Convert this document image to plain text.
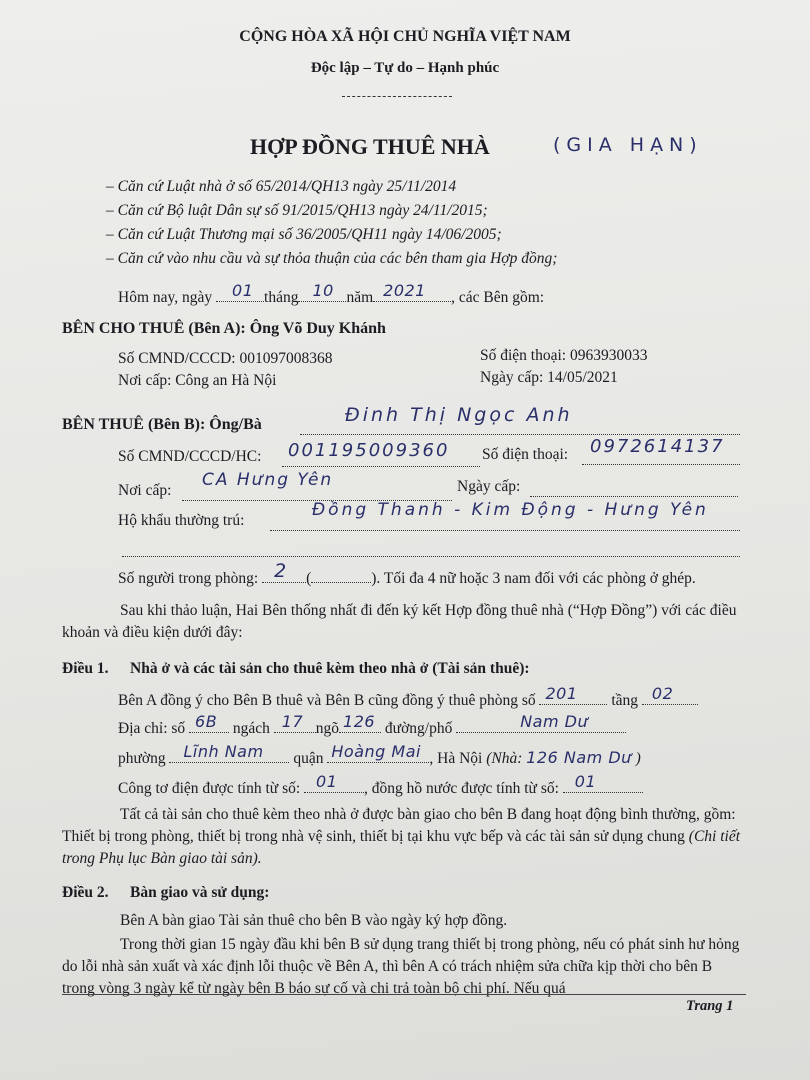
CỘNG HÒA XÃ HỘI CHỦ NGHĨA VIỆT NAM
Độc lập – Tự do – Hạnh phúc
HỢP ĐỒNG THUÊ NHÀ	(GIA HẠN)
– Căn cứ Luật nhà ở số 65/2014/QH13 ngày 25/11/2014
– Căn cứ Bộ luật Dân sự số 91/2015/QH13 ngày 24/11/2015;
– Căn cứ Luật Thương mại số 36/2005/QH11 ngày 14/06/2005;
– Căn cứ vào nhu cầu và sự thỏa thuận của các bên tham gia Hợp đồng;
Hôm nay, ngày 01 tháng 10 năm 2021 , các Bên gồm:
BÊN CHO THUÊ (Bên A): Ông Võ Duy Khánh
Số CMND/CCCD: 001097008368	Số điện thoại: 0963930033
Nơi cấp: Công an Hà Nội	Ngày cấp: 14/05/2021
BÊN THUÊ (Bên B): Ông/Bà	Đinh Thị Ngọc Anh
Số CMND/CCCD/HC: 001195009360 Số điện thoại: 0972614137
Nơi cấp:
CA Hưng Yên	Ngày cấp:
Hộ khẩu thường trú:
Đồng Thanh - Kim Động - Hưng Yên
Số người trong phòng: 2 (	). Tối đa 4 nữ hoặc 3 nam đối với các phòng ở ghép.

Sau khi thảo luận, Hai Bên thống nhất đi đến ký kết Hợp đồng thuê nhà (“Hợp Đồng”) với các điều khoản và điều kiện dưới đây:

Điều 1. Nhà ở và các tài sản cho thuê kèm theo nhà ở (Tài sản thuê):
Bên A đồng ý cho Bên B thuê và Bên B cũng đồng ý thuê phòng số 201 tầng 02
Địa chỉ: số 6B ngách 17 ngõ 126 đường/phố	Nam Dư
phường Lĩnh Nam quận Hoàng Mai , Hà Nội (Nhà: 126 Nam Dư )
Công tơ điện được tính từ số: 01 , đồng hồ nước được tính từ số: 01

Tất cả tài sản cho thuê kèm theo nhà ở được bàn giao cho bên B đang hoạt động bình thường, gồm: Thiết bị trong phòng, thiết bị trong nhà vệ sinh, thiết bị tại khu vực bếp và các tài sản sử dụng chung (Chi tiết trong Phụ lục Bàn giao tài sản).

Điều 2. Bàn giao và sử dụng:
Bên A bàn giao Tài sản thuê cho bên B vào ngày ký hợp đồng.

Trong thời gian 15 ngày đầu khi bên B sử dụng trang thiết bị trong phòng, nếu có phát sinh hư hỏng do lỗi nhà sản xuất và xác định lỗi thuộc về Bên A, thì bên A có trách nhiệm sửa chữa kịp thời cho bên B trong vòng 3 ngày kể từ ngày bên B báo sự cố và chi trả toàn bộ chi phí. Nếu quá

Trang 1
